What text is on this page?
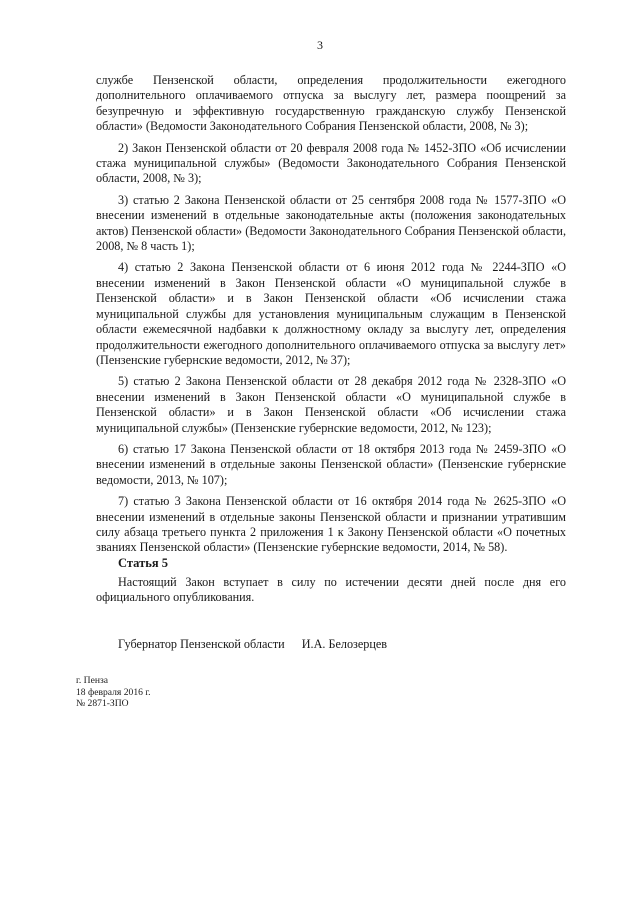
3

службе Пензенской области, определения продолжительности ежегодного дополнительного оплачиваемого отпуска за выслугу лет, размера поощрений за безупречную и эффективную государственную гражданскую службу Пензенской области» (Ведомости Законодательного Собрания Пензенской области, 2008, № 3);

2) Закон Пензенской области от 20 февраля 2008 года № 1452-ЗПО «Об исчислении стажа муниципальной службы» (Ведомости Законодательного Собрания Пензенской области, 2008, № 3);

3) статью 2 Закона Пензенской области от 25 сентября 2008 года № 1577-ЗПО «О внесении изменений в отдельные законодательные акты (положения законодательных актов) Пензенской области» (Ведомости Законодательного Собрания Пензенской области, 2008, № 8 часть 1);

4) статью 2 Закона Пензенской области от 6 июня 2012 года № 2244-ЗПО «О внесении изменений в Закон Пензенской области «О муниципальной службе в Пензенской области» и в Закон Пензенской области «Об исчислении стажа муниципальной службы для установления муниципальным служащим в Пензенской области ежемесячной надбавки к должностному окладу за выслугу лет, определения продолжительности ежегодного дополнительного оплачиваемого отпуска за выслугу лет» (Пензенские губернские ведомости, 2012, № 37);

5) статью 2 Закона Пензенской области от 28 декабря 2012 года № 2328-ЗПО «О внесении изменений в Закон Пензенской области «О муниципальной службе в Пензенской области» и в Закон Пензенской области «Об исчислении стажа муниципальной службы» (Пензенские губернские ведомости, 2012, № 123);

6) статью 17 Закона Пензенской области от 18 октября 2013 года № 2459-ЗПО «О внесении изменений в отдельные законы Пензенской области» (Пензенские губернские ведомости, 2013, № 107);

7) статью 3 Закона Пензенской области от 16 октября 2014 года № 2625-ЗПО «О внесении изменений в отдельные законы Пензенской области и признании утратившим силу абзаца третьего пункта 2 приложения 1 к Закону Пензенской области «О почетных званиях Пензенской области» (Пензенские губернские ведомости, 2014, № 58).

Статья 5

Настоящий Закон вступает в силу по истечении десяти дней после дня его официального опубликования.

Губернатор Пензенской области И.А. Белозерцев
г. Пенза
18 февраля 2016 г.
№ 2871-ЗПО
